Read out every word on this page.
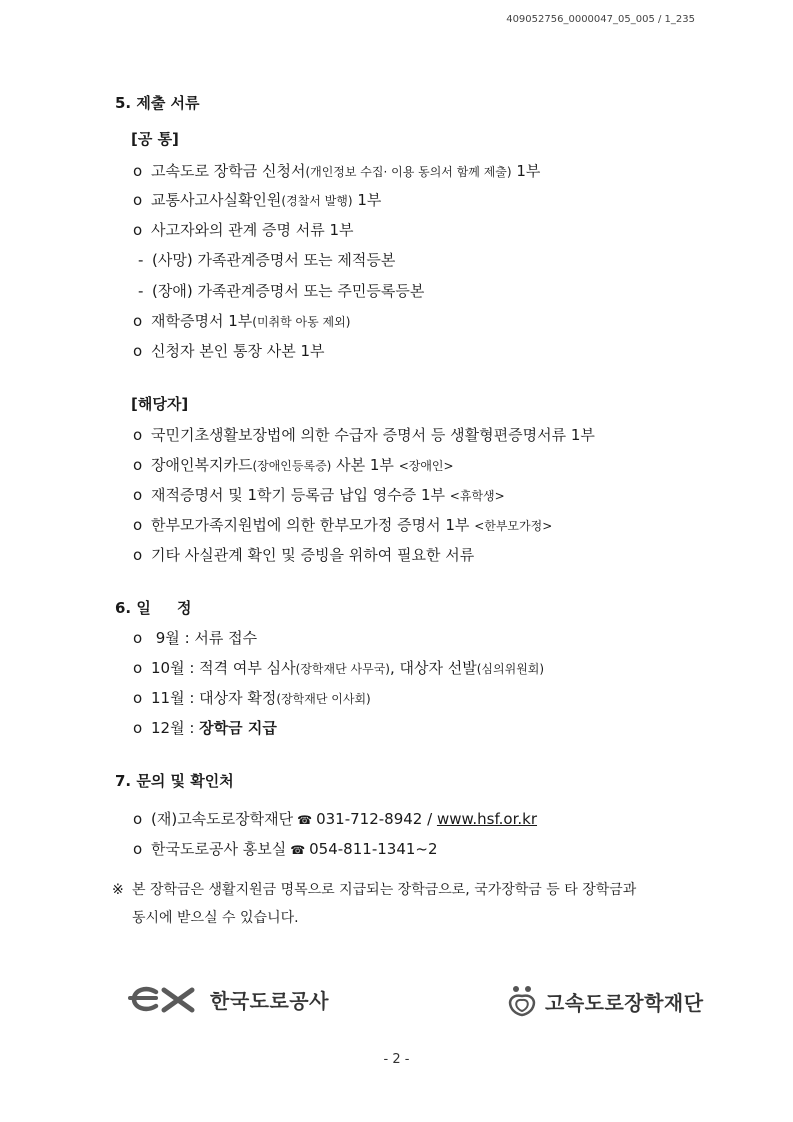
409052756_0000047_05_005 / 1_235
5. 제출 서류
[공 통]
o 고속도로 장학금 신청서(개인정보 수집· 이용 동의서 함께 제출) 1부
o 교통사고사실확인원(경찰서 발행) 1부
o 사고자와의 관계 증명 서류 1부
- (사망) 가족관계증명서 또는 제적등본
- (장애) 가족관계증명서 또는 주민등록등본
o 재학증명서 1부(미취학 아동 제외)
o 신청자 본인 통장 사본 1부
[해당자]
o 국민기초생활보장법에 의한 수급자 증명서 등 생활형편증명서류 1부
o 장애인복지카드(장애인등록증) 사본 1부 <장애인>
o 재적증명서 및 1학기 등록금 납입 영수증 1부 <휴학생>
o 한부모가족지원법에 의한 한부모가정 증명서 1부 <한부모가정>
o 기타 사실관계 확인 및 증빙을 위하여 필요한 서류
6. 일     정
o 9월 : 서류 접수
o 10월 : 적격 여부 심사(장학재단 사무국), 대상자 선발(심의위원회)
o 11월 : 대상자 확정(장학재단 이사회)
o 12월 : 장학금 지급
7. 문의 및 확인처
o (재)고속도로장학재단 ☎ 031-712-8942 / www.hsf.or.kr
o 한국도로공사 홍보실 ☎ 054-811-1341~2
※ 본 장학금은 생활지원금 명목으로 지급되는 장학금으로, 국가장학금 등 타 장학금과
동시에 받으실 수 있습니다.
한국도로공사	고속도로장학재단
- 2 -
